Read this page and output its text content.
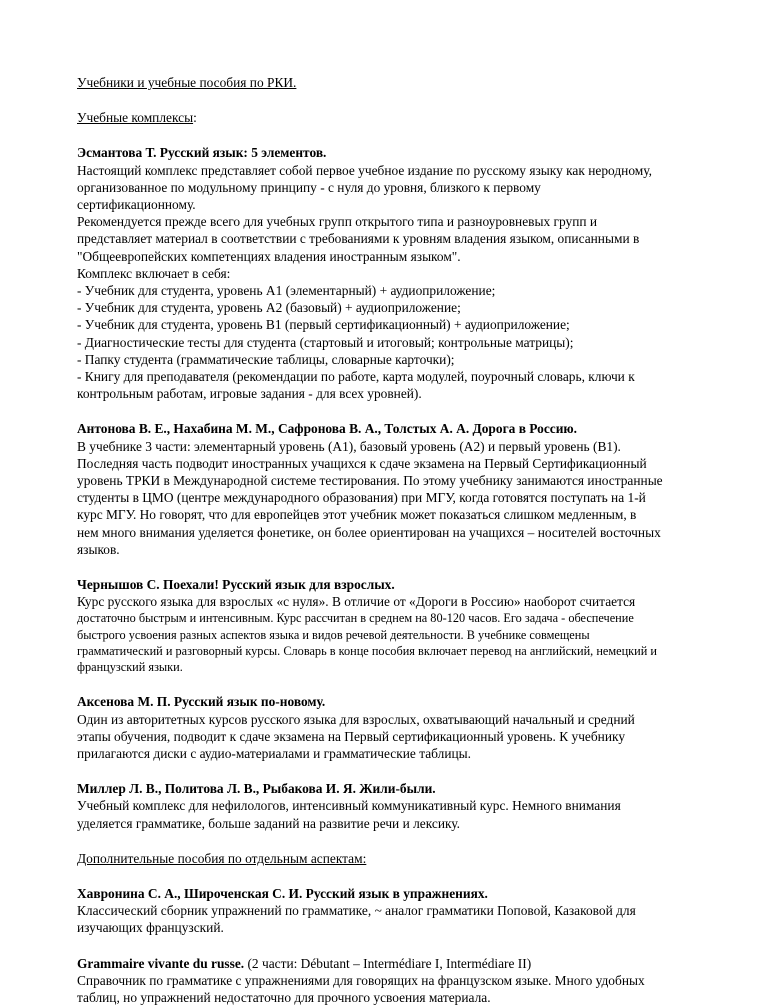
Учебники и учебные пособия по РКИ.
Учебные комплексы:
Эсмантова Т. Русский язык: 5 элементов.
Настоящий комплекс представляет собой первое учебное издание по русскому языку как неродному,
организованное по модульному принципу - с нуля до уровня, близкого к первому
сертификационному.
Рекомендуется прежде всего для учебных групп открытого типа и разноуровневых групп и
представляет материал в соответствии с требованиями к уровням владения языком, описанными в
"Общеевропейских компетенциях владения иностранным языком".
Комплекс включает в себя:
- Учебник для студента, уровень А1 (элементарный) + аудиоприложение;
- Учебник для студента, уровень А2 (базовый) + аудиоприложение;
- Учебник для студента, уровень В1 (первый сертификационный) + аудиоприложение;
- Диагностические тесты для студента (стартовый и итоговый; контрольные матрицы);
- Папку студента (грамматические таблицы, словарные карточки);
- Книгу для преподавателя (рекомендации по работе, карта модулей, поурочный словарь, ключи к
контрольным работам, игровые задания - для всех уровней).
Антонова В. Е., Нахабина М. М., Сафронова В. А., Толстых А. А. Дорога в Россию.
В учебнике 3 части: элементарный уровень (А1), базовый уровень (А2) и первый уровень (В1).
Последняя часть подводит иностранных учащихся к сдаче экзамена на Первый Сертификационный
уровень ТРКИ в Международной системе тестирования. По этому учебнику занимаются иностранные
студенты в ЦМО (центре международного образования) при МГУ, когда готовятся поступать на 1-й
курс МГУ. Но говорят, что для европейцев этот учебник может показаться слишком медленным, в
нем много внимания уделяется фонетике, он более ориентирован на учащихся – носителей восточных
языков.
Чернышов С. Поехали! Русский язык для взрослых.
Курс русского языка для взрослых «с нуля». В отличие от «Дороги в Россию» наоборот считается
достаточно быстрым и интенсивным. Курс рассчитан в среднем на 80-120 часов. Его задача - обеспечение
быстрого усвоения разных аспектов языка и видов речевой деятельности. В учебнике совмещены
грамматический и разговорный курсы. Словарь в конце пособия включает перевод на английский, немецкий и
французский языки.
Аксенова М. П. Русский язык по-новому.
Один из авторитетных курсов русского языка для взрослых, охватывающий начальный и средний
этапы обучения, подводит к сдаче экзамена на Первый сертификационный уровень. К учебнику
прилагаются диски с аудио-материалами и грамматические таблицы.
Миллер Л. В., Политова Л. В., Рыбакова И. Я. Жили-были.
Учебный комплекс для нефилологов, интенсивный коммуникативный курс. Немного внимания
уделяется грамматике, больше заданий на развитие речи и лексику.
Дополнительные пособия по отдельным аспектам:
Хавронина С. А., Широченская С. И. Русский язык в упражнениях.
Классический сборник упражнений по грамматике, ~ аналог грамматики Поповой, Казаковой для
изучающих французский.
Grammaire vivante du russe. (2 части: Débutant – Intermédiare I, Intermédiare II)
Справочник по грамматике с упражнениями для говорящих на французском языке. Много удобных
таблиц, но упражнений недостаточно для прочного усвоения материала.
